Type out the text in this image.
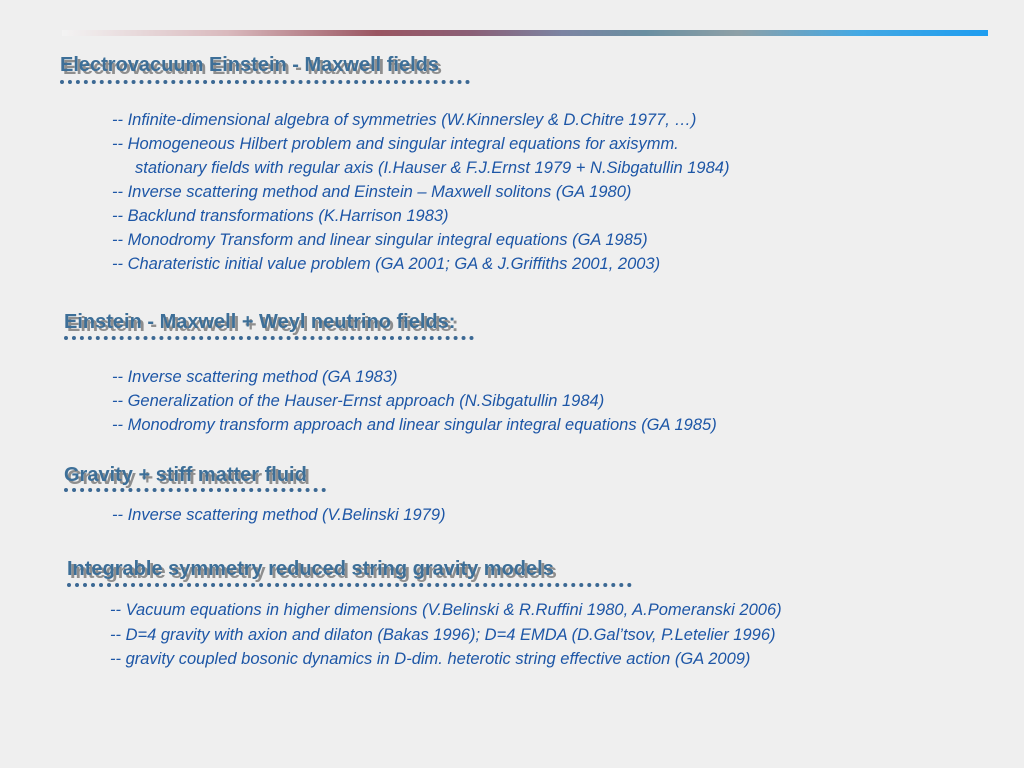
Electrovacuum Einstein - Maxwell fields

-- Infinite-dimensional algebra of symmetries (W.Kinnersley & D.Chitre 1977, …)

-- Homogeneous Hilbert problem and singular integral equations for axisymm.

stationary fields with regular axis (I.Hauser & F.J.Ernst 1979 + N.Sibgatullin 1984)

-- Inverse scattering method and Einstein – Maxwell solitons (GA 1980)

-- Backlund transformations (K.Harrison 1983)

-- Monodromy Transform and linear singular integral equations (GA 1985)

-- Charateristic initial value problem (GA 2001; GA & J.Griffiths 2001, 2003)

Einstein - Maxwell + Weyl neutrino fields:

-- Inverse scattering method (GA 1983)

-- Generalization of the Hauser-Ernst approach (N.Sibgatullin 1984)

-- Monodromy transform approach and linear singular integral equations (GA 1985)

Gravity + stiff matter fluid

-- Inverse scattering method (V.Belinski 1979)

Integrable symmetry reduced string gravity models

-- Vacuum equations in higher dimensions (V.Belinski & R.Ruffini 1980, A.Pomeranski 2006)

-- D=4 gravity with axion and dilaton (Bakas 1996); D=4 EMDA (D.Gal’tsov, P.Letelier 1996)

-- gravity coupled bosonic dynamics in D-dim. heterotic string effective action (GA 2009)
